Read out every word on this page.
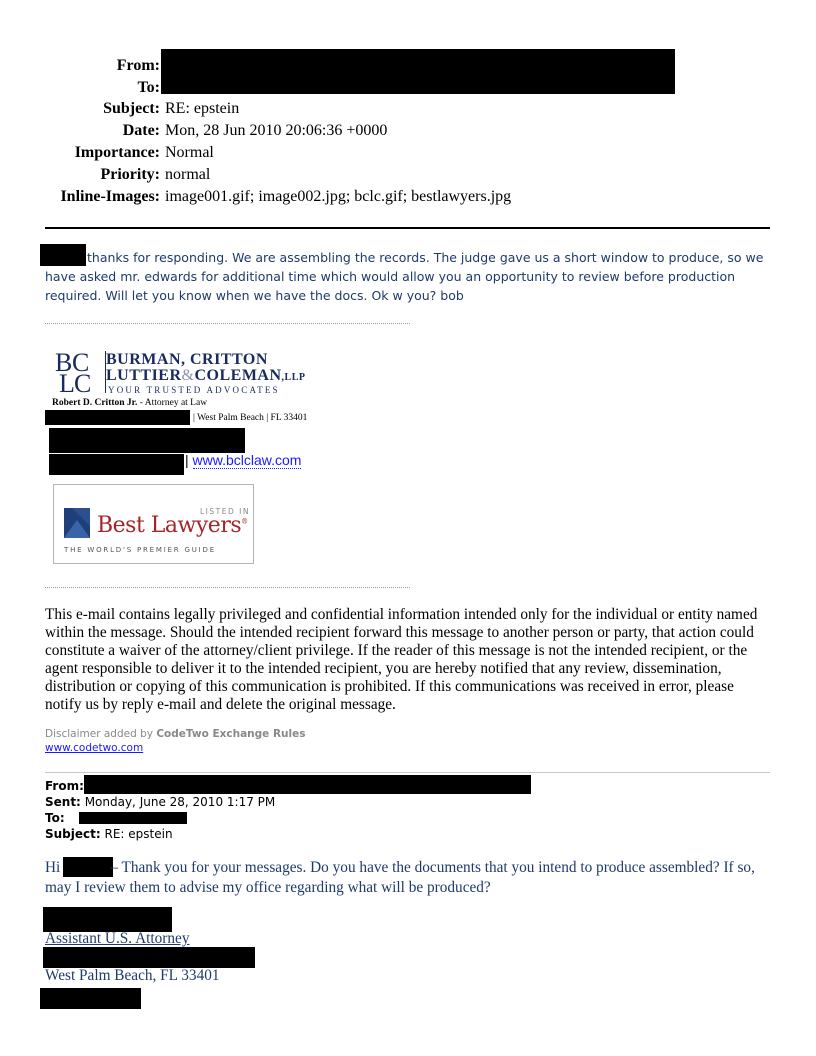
From:
To:
Subject: RE: epstein
Date: Mon, 28 Jun 2010 20:06:36 +0000
Importance: Normal
Priority: normal
Inline-Images: image001.gif; image002.jpg; bclc.gif; bestlawyers.jpg
thanks for responding. We are assembling the records. The judge gave us a short window to produce, so we have asked mr. edwards for additional time which would allow you an opportunity to review before production required. Will let you know when we have the docs. Ok w you? bob
B C
L C
BURMAN, CRITTON
LUTTIER&COLEMAN,LLP
YOUR TRUSTED ADVOCATES
Robert D. Critton Jr. - Attorney at Law
| West Palm Beach | FL 33401
| www.bclclaw.com
LISTED IN
Best Lawyers®
THE WORLD'S PREMIER GUIDE
This e-mail contains legally privileged and confidential information intended only for the individual or entity named within the message. Should the intended recipient forward this message to another person or party, that action could constitute a waiver of the attorney/client privilege. If the reader of this message is not the intended recipient, or the agent responsible to deliver it to the intended recipient, you are hereby notified that any review, dissemination, distribution or copying of this communication is prohibited. If this communications was received in error, please notify us by reply e-mail and delete the original message.
Disclaimer added by CodeTwo Exchange Rules
www.codetwo.com
From:
Sent: Monday, June 28, 2010 1:17 PM
To:
Subject: RE: epstein
Hi	– Thank you for your messages. Do you have the documents that you intend to produce assembled? If so, may I review them to advise my office regarding what will be produced?
Assistant U.S. Attorney
West Palm Beach, FL 33401
